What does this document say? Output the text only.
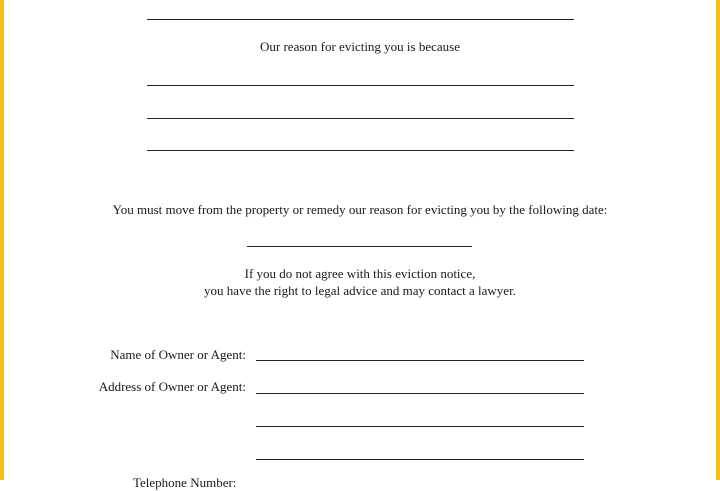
Our reason for evicting you is because
You must move from the property or remedy our reason for evicting you by the following date:
If you do not agree with this eviction notice,
you have the right to legal advice and may contact a lawyer.
Name of Owner or Agent:
Address of Owner or Agent:
Telephone Number:
